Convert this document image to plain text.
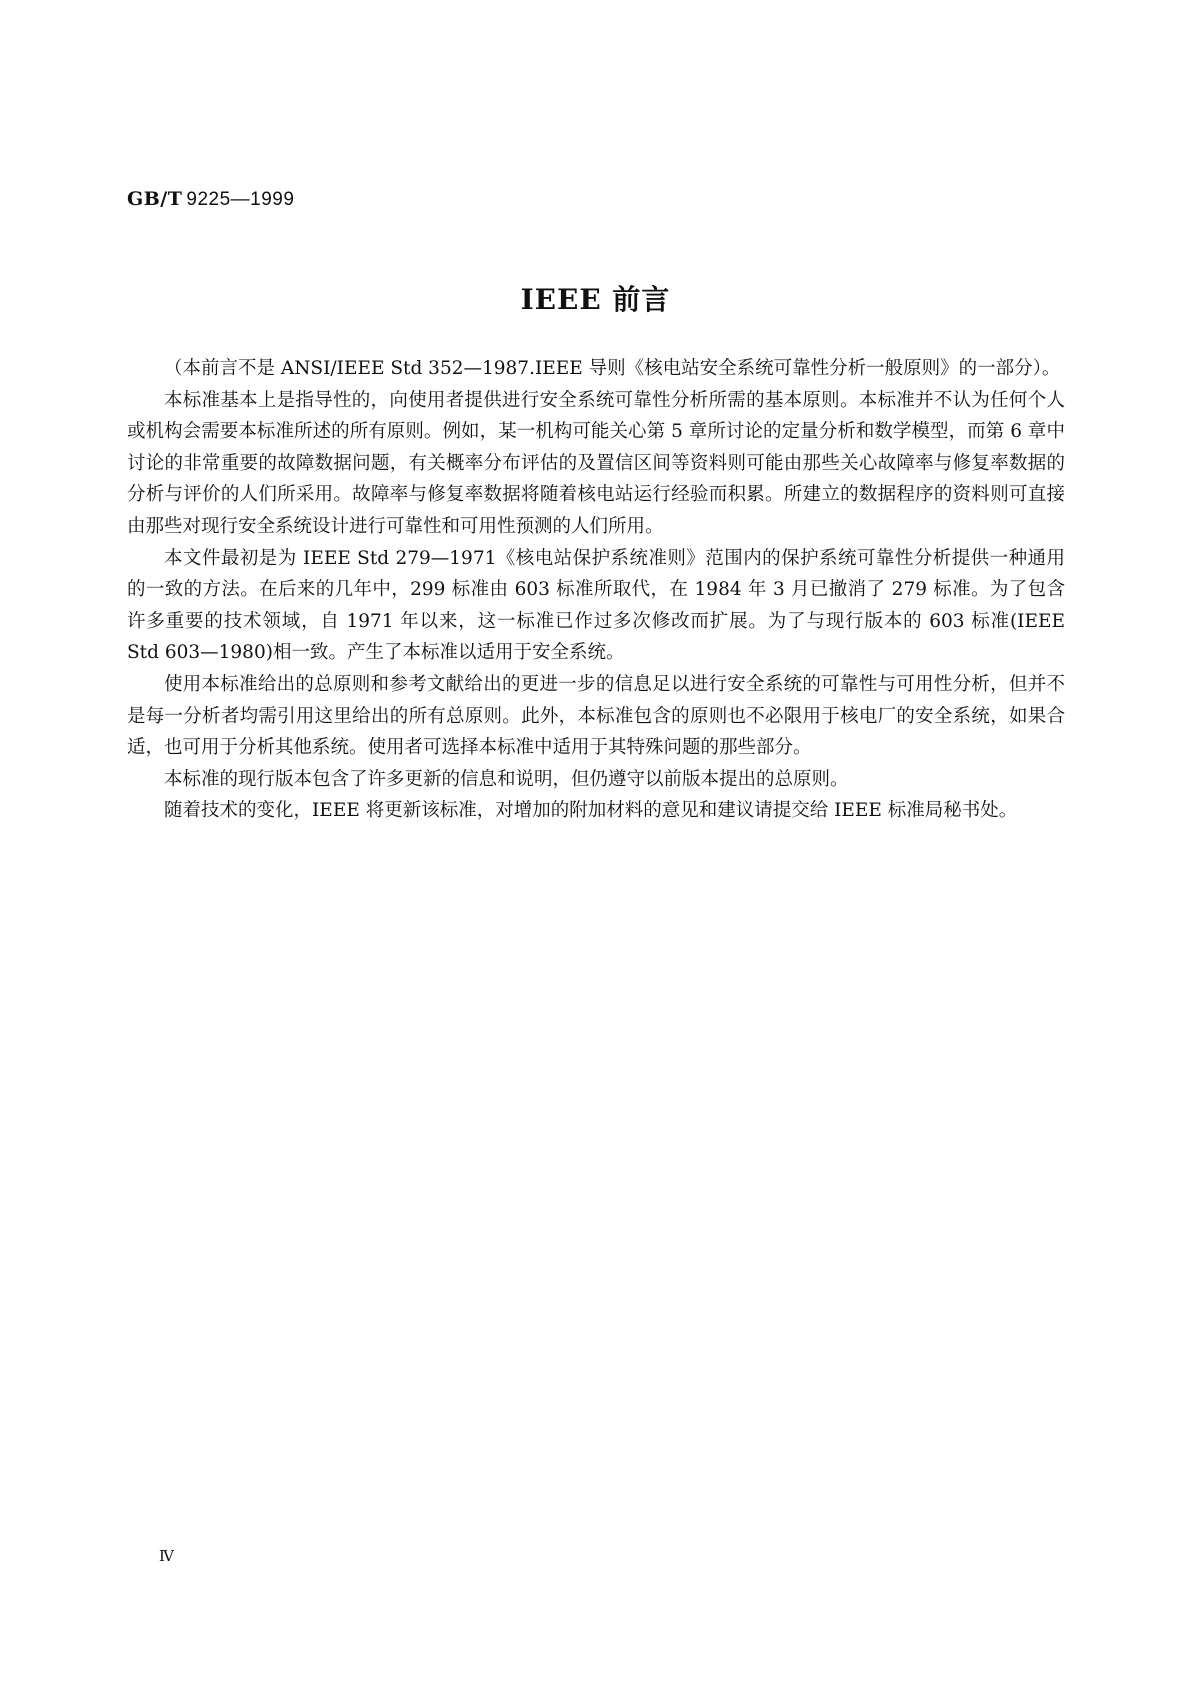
GB/T 9225—1999
IEEE 前言

（本前言不是 ANSI/IEEE Std 352—1987.IEEE 导则《核电站安全系统可靠性分析一般原则》的一部分）。

本标准基本上是指导性的，向使用者提供进行安全系统可靠性分析所需的基本原则。本标准并不认为任何个人或机构会需要本标准所述的所有原则。例如，某一机构可能关心第 5 章所讨论的定量分析和数学模型，而第 6 章中讨论的非常重要的故障数据问题，有关概率分布评估的及置信区间等资料则可能由那些关心故障率与修复率数据的分析与评价的人们所采用。故障率与修复率数据将随着核电站运行经验而积累。所建立的数据程序的资料则可直接由那些对现行安全系统设计进行可靠性和可用性预测的人们所用。

本文件最初是为 IEEE Std 279—1971《核电站保护系统准则》范围内的保护系统可靠性分析提供一种通用的一致的方法。在后来的几年中，299 标准由 603 标准所取代，在 1984 年 3 月已撤消了 279 标准。为了包含许多重要的技术领域，自 1971 年以来，这一标准已作过多次修改而扩展。为了与现行版本的 603 标准(IEEE Std 603—1980)相一致。产生了本标准以适用于安全系统。

使用本标准给出的总原则和参考文献给出的更进一步的信息足以进行安全系统的可靠性与可用性分析，但并不是每一分析者均需引用这里给出的所有总原则。此外，本标准包含的原则也不必限用于核电厂的安全系统，如果合适，也可用于分析其他系统。使用者可选择本标准中适用于其特殊问题的那些部分。

本标准的现行版本包含了许多更新的信息和说明，但仍遵守以前版本提出的总原则。

随着技术的变化，IEEE 将更新该标准，对增加的附加材料的意见和建议请提交给 IEEE 标准局秘书处。

Ⅳ
